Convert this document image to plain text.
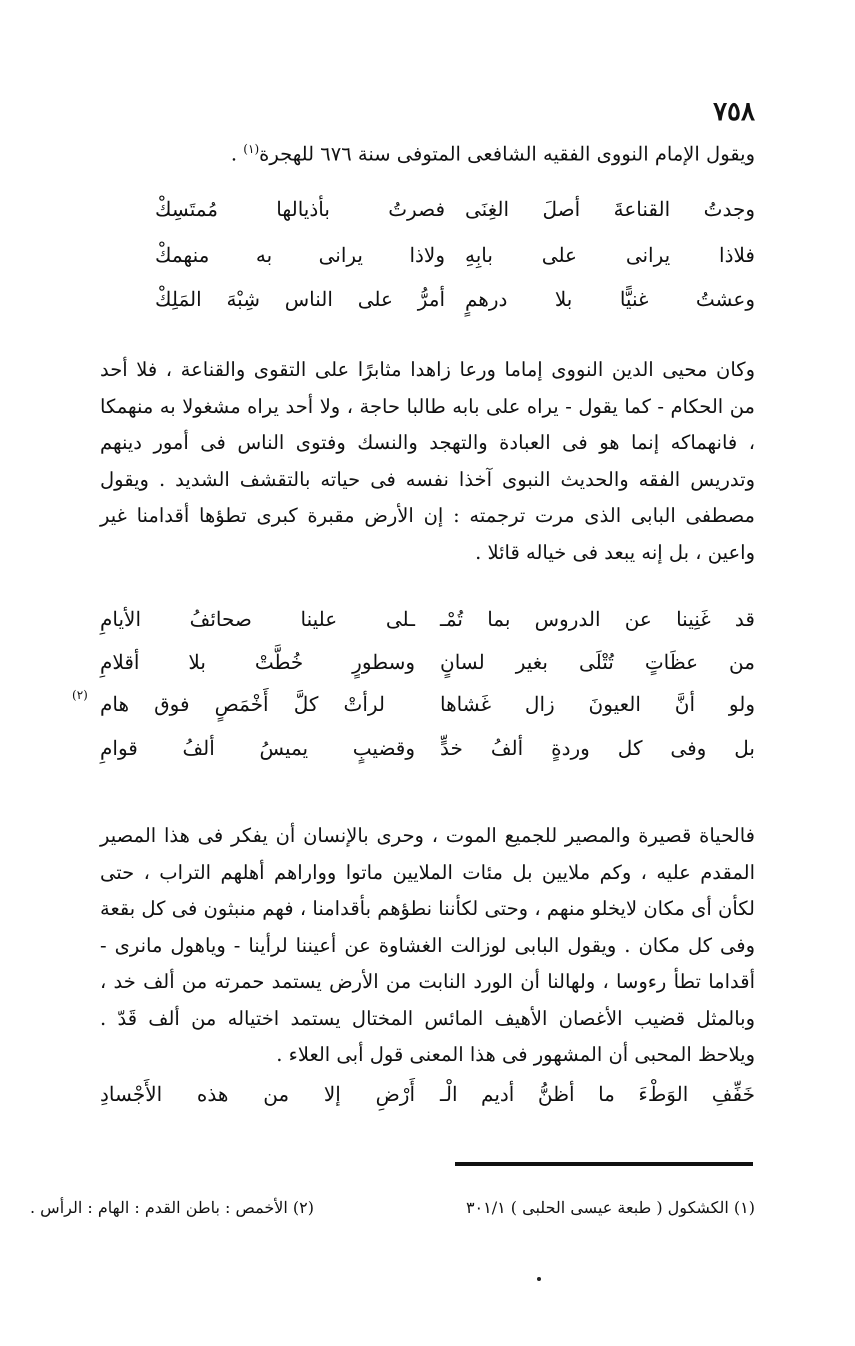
٧٥٨
ويقول الإمام النووى الفقيه الشافعى المتوفى سنة ٦٧٦ للهجرة$^{(١)}$ .
وجدتُ القناعةَ أصلَ الغِنَى
فصرتُ بأذيالها مُمتَسِكْ
فلاذا يرانى على بابِهِ
ولاذا يرانى به منهمكْ
وعشتُ غنيًّا بلا درهمٍ
أمرُّ على الناس شِبْهَ المَلِكْ
وكان محيى الدين النووى إماما ورعا زاهدا مثابرًا على التقوى والقناعة ، فلا أحد من الحكام - كما يقول - يراه على بابه طالبا حاجة ، ولا أحد يراه مشغولا به منهمكا ، فانهماكه إنما هو فى العبادة والتهجد والنسك وفتوى الناس فى أمور دينهم وتدريس الفقه والحديث النبوى آخذا نفسه فى حياته بالتقشف الشديد . ويقول مصطفى البابى الذى مرت ترجمته : إن الأرض مقبرة كبرى تطؤها أقدامنا غير واعين ، بل إنه يبعد فى خياله قائلا .
قد غَنِينا عن الدروس بما تُمْـ
ـلى علينا صحائفُ الأيامِ
من عظَاتٍ تُتْلَى بغير لسانٍ
وسطورٍ خُطَّتْ بلا أقلامِ
ولو أنَّ العيونَ زال غَشاها
لرأتْ كلَّ أَخْمَصٍ فوق هام
(٢)
بل وفى كل وردةٍ ألفُ خدٍّ
وقضيبٍ يميسُ ألفُ قوامِ
فالحياة قصيرة والمصير للجميع الموت ، وحرى بالإنسان أن يفكر فى هذا المصير المقدم عليه ، وكم ملايين بل مئات الملايين ماتوا وواراهم أهلهم التراب ، حتى لكأن أى مكان لايخلو منهم ، وحتى لكأننا نطؤهم بأقدامنا ، فهم منبثون فى كل بقعة وفى كل مكان . ويقول البابى لوزالت الغشاوة عن أعيننا لرأينا - وياهول مانرى - أقداما تطأ رءوسا ، ولهالنا أن الورد النابت من الأرض يستمد حمرته من ألف خد ، وبالمثل قضيب الأغصان الأهيف المائس المختال يستمد اختياله من ألف قَدّ . ويلاحظ المحبى أن المشهور فى هذا المعنى قول أبى العلاء .
خَفِّفِ الوَطْءَ ما أظنُّ أديم الْـ
أَرْضِ إلا من هذه الأَجْسادِ
(١) الكشكول ( طبعة عيسى الحلبى ) ٣٠١/١
(٢) الأخمص : باطن القدم : الهام : الرأس .
